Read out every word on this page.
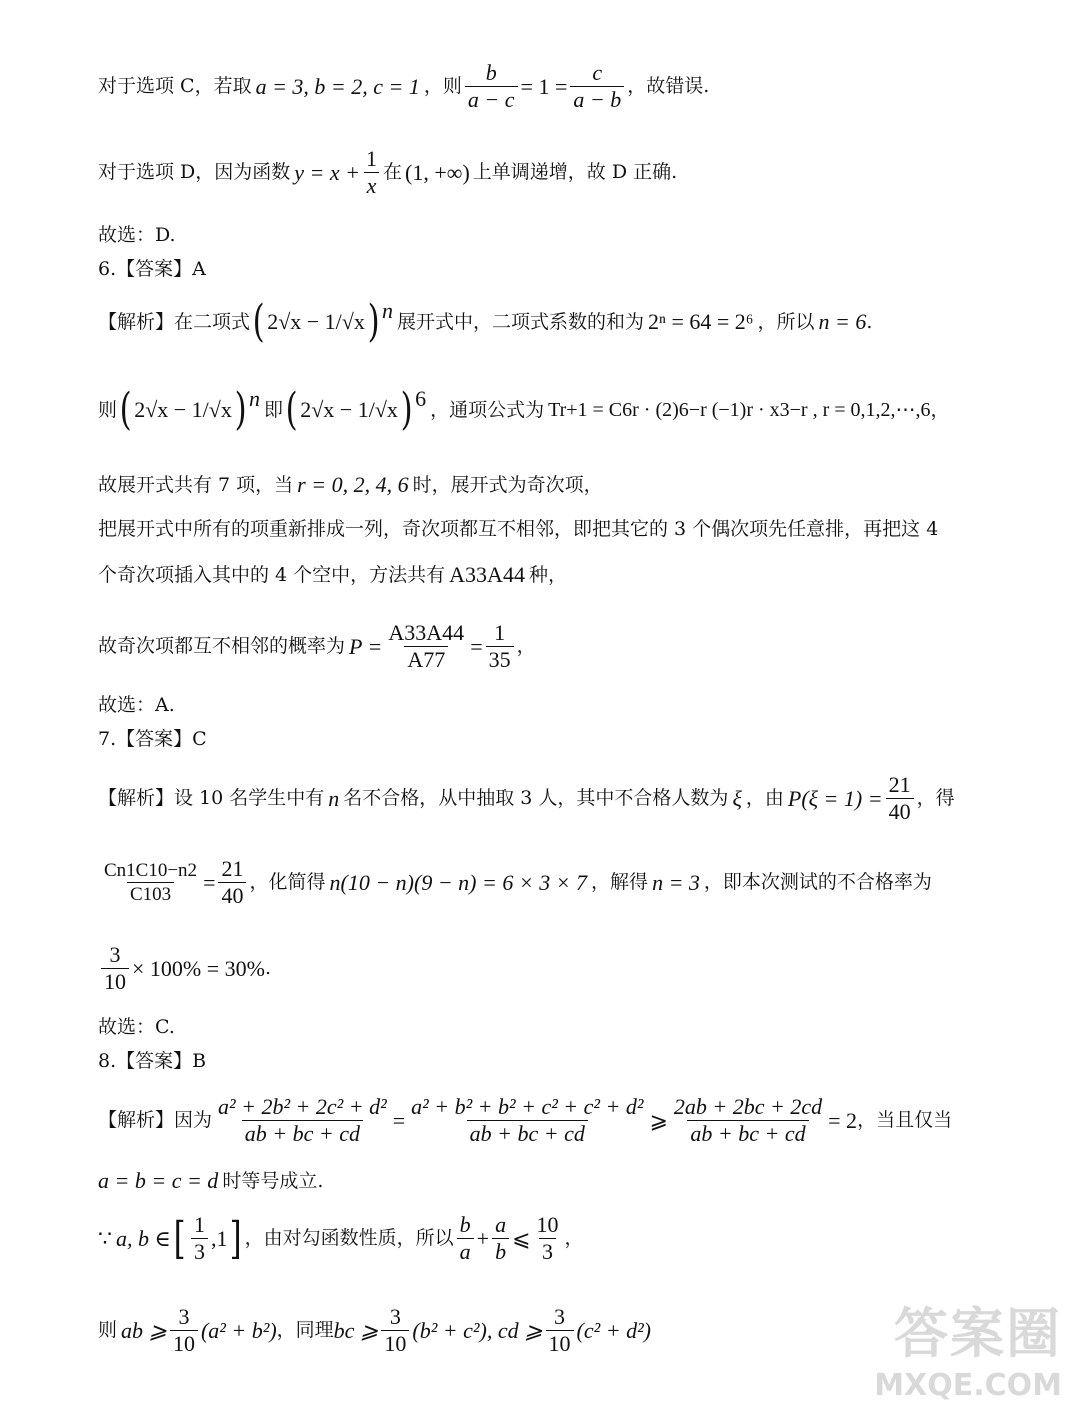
对于选项 C，若取 a = 3, b = 2, c = 1 ，则 $\frac{b}{a - c} = 1 = \frac{c}{a - b}$ ，故错误.
对于选项 D，因为函数 $y = x + \frac{1}{x}$ 在 (1, +∞) 上单调递增，故 D 正确.
故选：D.
6.【答案】A
【解析】在二项式 ( 2√x − 1/√x ) n 展开式中，二项式系数的和为 2ⁿ = 64 = 2⁶ ，所以 n = 6 .
则 ( 2√x − 1/√x ) n 即 ( 2√x − 1/√x ) 6 ，通项公式为 Tr+1 = C6r · (2)6−r (−1)r · x3−r , r = 0,1,2,⋯,6 ，
故展开式共有 7 项，当 r = 0, 2, 4, 6 时，展开式为奇次项，
把展开式中所有的项重新排成一列，奇次项都互不相邻，即把其它的 3 个偶次项先任意排，再把这 4
个奇次项插入其中的 4 个空中，方法共有 A33A44 种，
故奇次项都互不相邻的概率为 $P = \frac{A33A44}{A77} = \frac{1}{35}$ ，
故选：A.
7.【答案】C
【解析】设 10 名学生中有 n 名不合格，从中抽取 3 人，其中不合格人数为 ξ ，由 $P(\xi = 1) = \frac{21}{40}$ ，得
$\frac{Cn1C10-n2}{C103} = \frac{21}{40}$ ，化简得 n(10 − n)(9 − n) = 6 × 3 × 7 ，解得 n = 3 ，即本次测试的不合格率为
$\frac{3}{10} \times 100\% = 30\%$ .
故选：C.
8.【答案】B
【解析】因为 $\frac{\text{a² + 2b² + 2c² + d²}}{ab + bc + cd} = \frac{\text{a² + b² + b² + c² + c² + d²}}{ab + bc + cd}$ ⩾ $\frac{2ab + 2bc + 2cd}{ab + bc + cd} = 2$ ，当且仅当
a = b = c = d 时等号成立.
∵ a, b ∈ [ $\frac{1}{3} ,1$ ] ，由对勾函数性质，所以 $\frac{b}{a} + \frac{a}{b}$ ⩽ $\frac{10}{3}$ ，
则 ab ⩾ $\frac{3}{10} (a^2 + b^2)$ ，同理 bc ⩾ $\frac{3}{10} (b^2 + c^2)$, cd ⩾ $\frac{3}{10} (c^2 + d^2)$	答案圈
MXQE.COM
